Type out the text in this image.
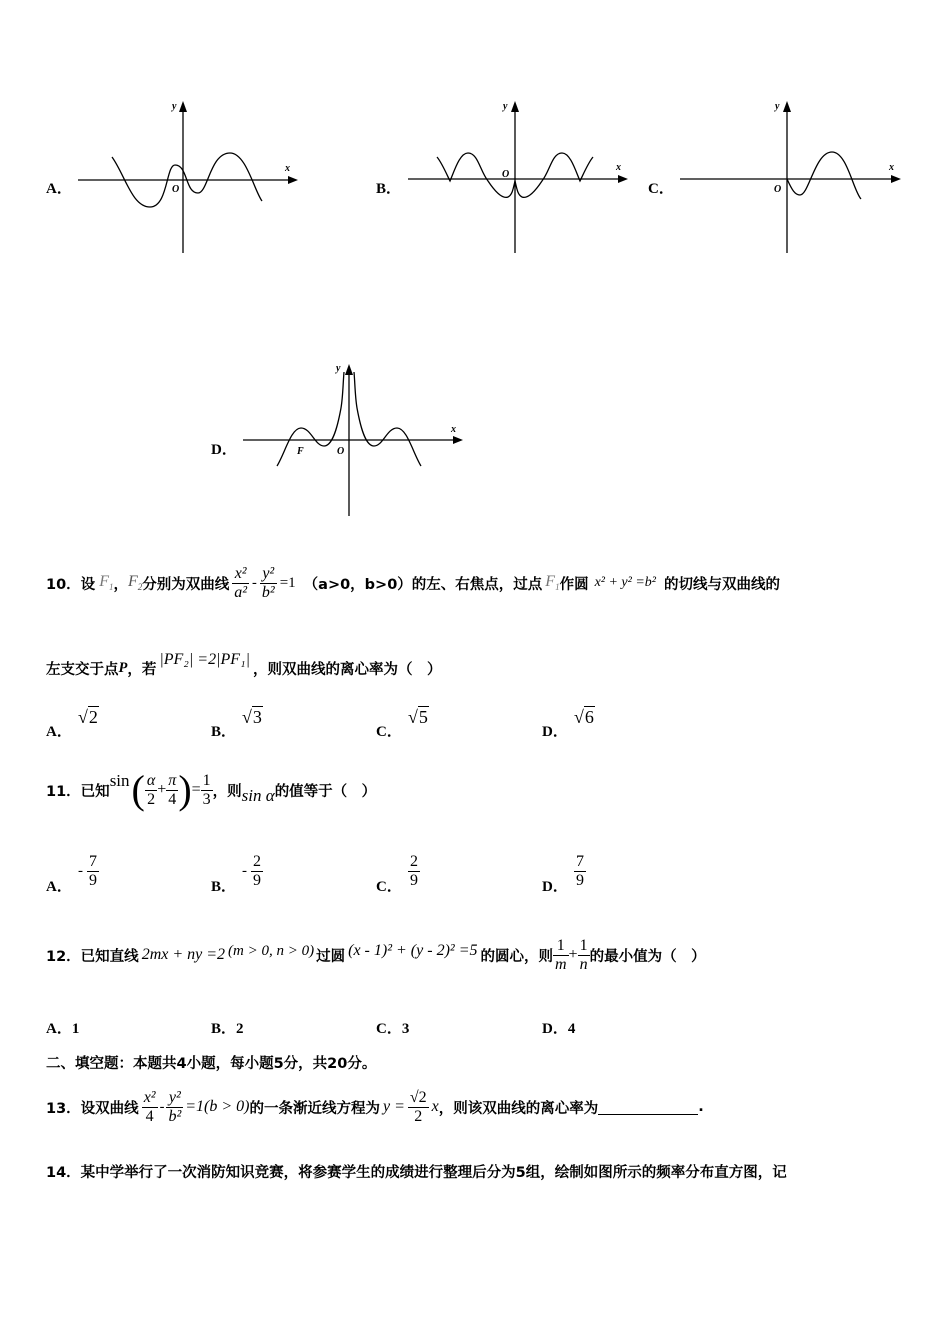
A．
x
y
O	B．
x
y
O
C．
x
y
O
D．
x
y
O
F
10．设 $F_1$ ， $F_2$ 分别为双曲线 $\frac{\text{x²}}{\text{a²}} - \frac{\text{y²}}{\text{b²}} =1$ （a>0，b>0）的左、右焦点，过点 $F_1$ 作圆 x² + y² =b² 的切线与双曲线的
左支交于点 P ，若
|PF₂| =2|PF₁|
，则双曲线的离心率为（　）
A．
√2
B．
√3
C．
√5
D．
√6
11．已知
sin ( $\frac{\alpha}{2} + \frac{\pi}{4}$ ) = $\frac{1}{3}$ ，则 sin α 的值等于（　）
A．
- $\frac{7}{9}$	B．
- $\frac{2}{9}$	C． $\frac{2}{9}$	D． $\frac{7}{9}$
12．已知直线 2mx + ny =2 (m > 0, n > 0) 过圆 (x - 1)² + (y - 2)² =5 的圆心，则 $\frac{1}{m} + \frac{1}{n}$ 的最小值为（　）
A．1	B．2	C．3	D．4
二、填空题：本题共4小题，每小题5分，共20分。
13．设双曲线 $\frac{\text{x²}}{4} - \frac{\text{y²}}{\text{b²}} =1(b > 0)$ 的一条渐近线方程为 $y = \frac{√2}{2}$ x ，则该双曲线的离心率为	.
14．某中学举行了一次消防知识竞赛，将参赛学生的成绩进行整理后分为5组，绘制如图所示的频率分布直方图，记
